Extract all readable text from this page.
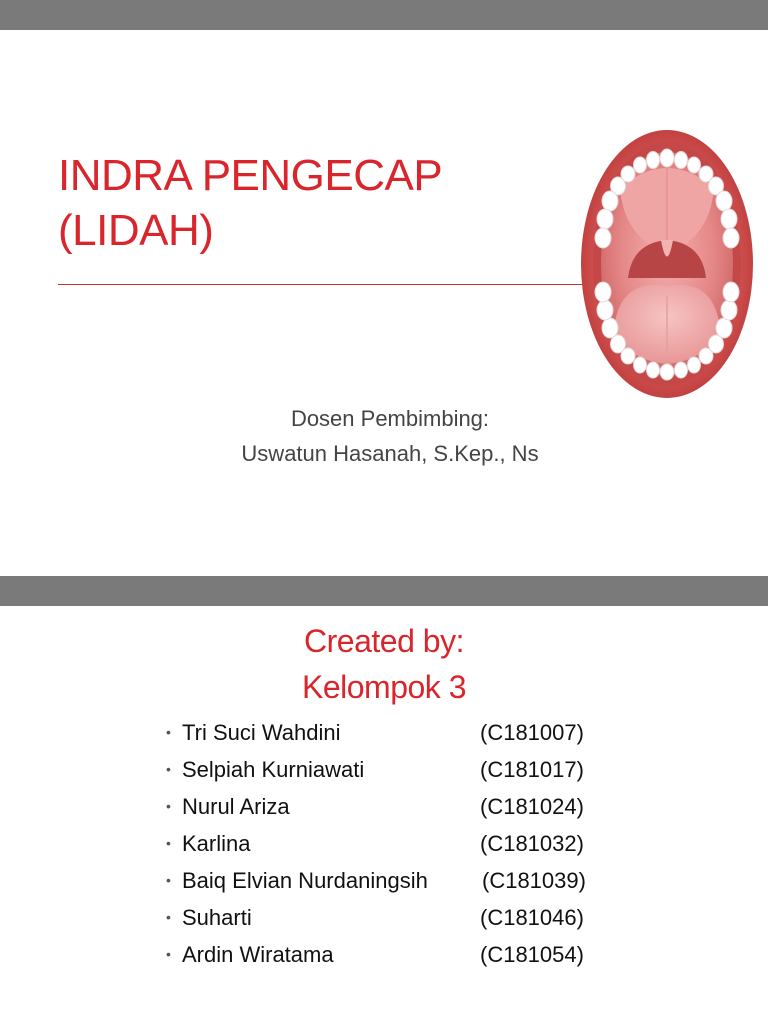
INDRA PENGECAP
(LIDAH)
Dosen Pembimbing:
Uswatun Hasanah, S.Kep., Ns
Created by:
Kelompok 3
• Tri Suci Wahdini	(C181007)
• Selpiah Kurniawati	(C181017)
• Nurul Ariza	(C181024)
• Karlina	(C181032)
• Baiq Elvian Nurdaningsih (C181039)
• Suharti	(C181046)
• Ardin Wiratama	(C181054)
